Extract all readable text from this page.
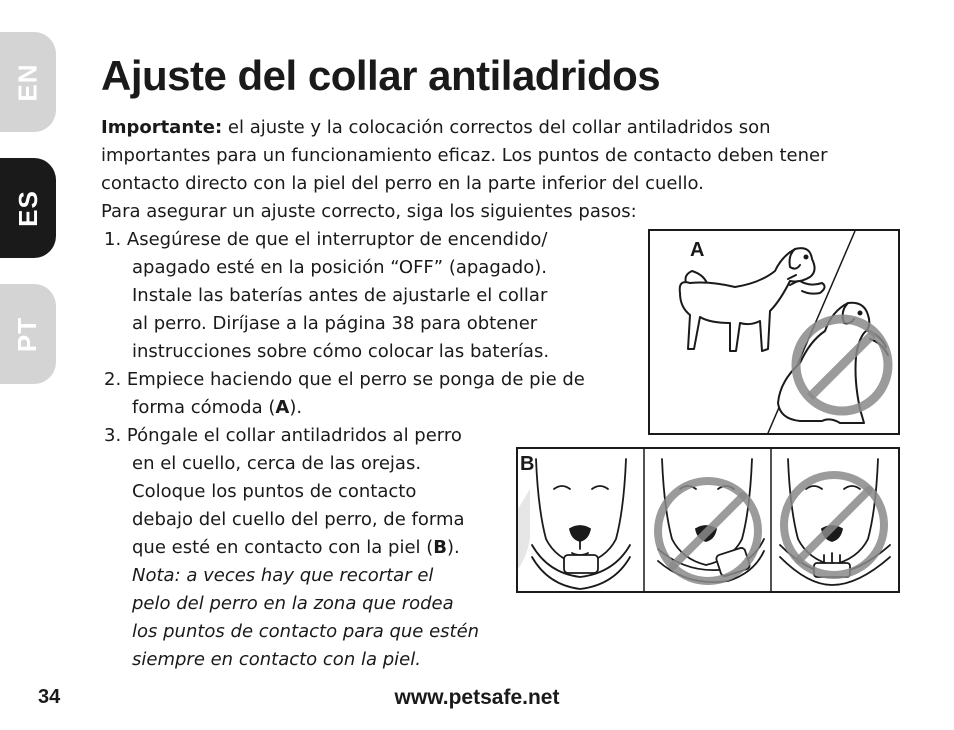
EN
ES
PT
Ajuste del collar antiladridos

Importante: el ajuste y la colocación correctos del collar antiladridos son
importantes para un funcionamiento eficaz. Los puntos de contacto deben tener
contacto directo con la piel del perro en la parte inferior del cuello.
Para asegurar un ajuste correcto, siga los siguientes pasos:

1. Asegúrese de que el interruptor de encendido/
apagado esté en la posición “OFF” (apagado).
Instale las baterías antes de ajustarle el collar
al perro. Diríjase a la página 38 para obtener
instrucciones sobre cómo colocar las baterías.
2. Empiece haciendo que el perro se ponga de pie de
forma cómoda (A).
3. Póngale el collar antiladridos al perro
en el cuello, cerca de las orejas.
Coloque los puntos de contacto
debajo del cuello del perro, de forma
que esté en contacto con la piel (B).
Nota: a veces hay que recortar el
pelo del perro en la zona que rodea
los puntos de contacto para que estén
siempre en contacto con la piel.
A
B
34	www.petsafe.net
